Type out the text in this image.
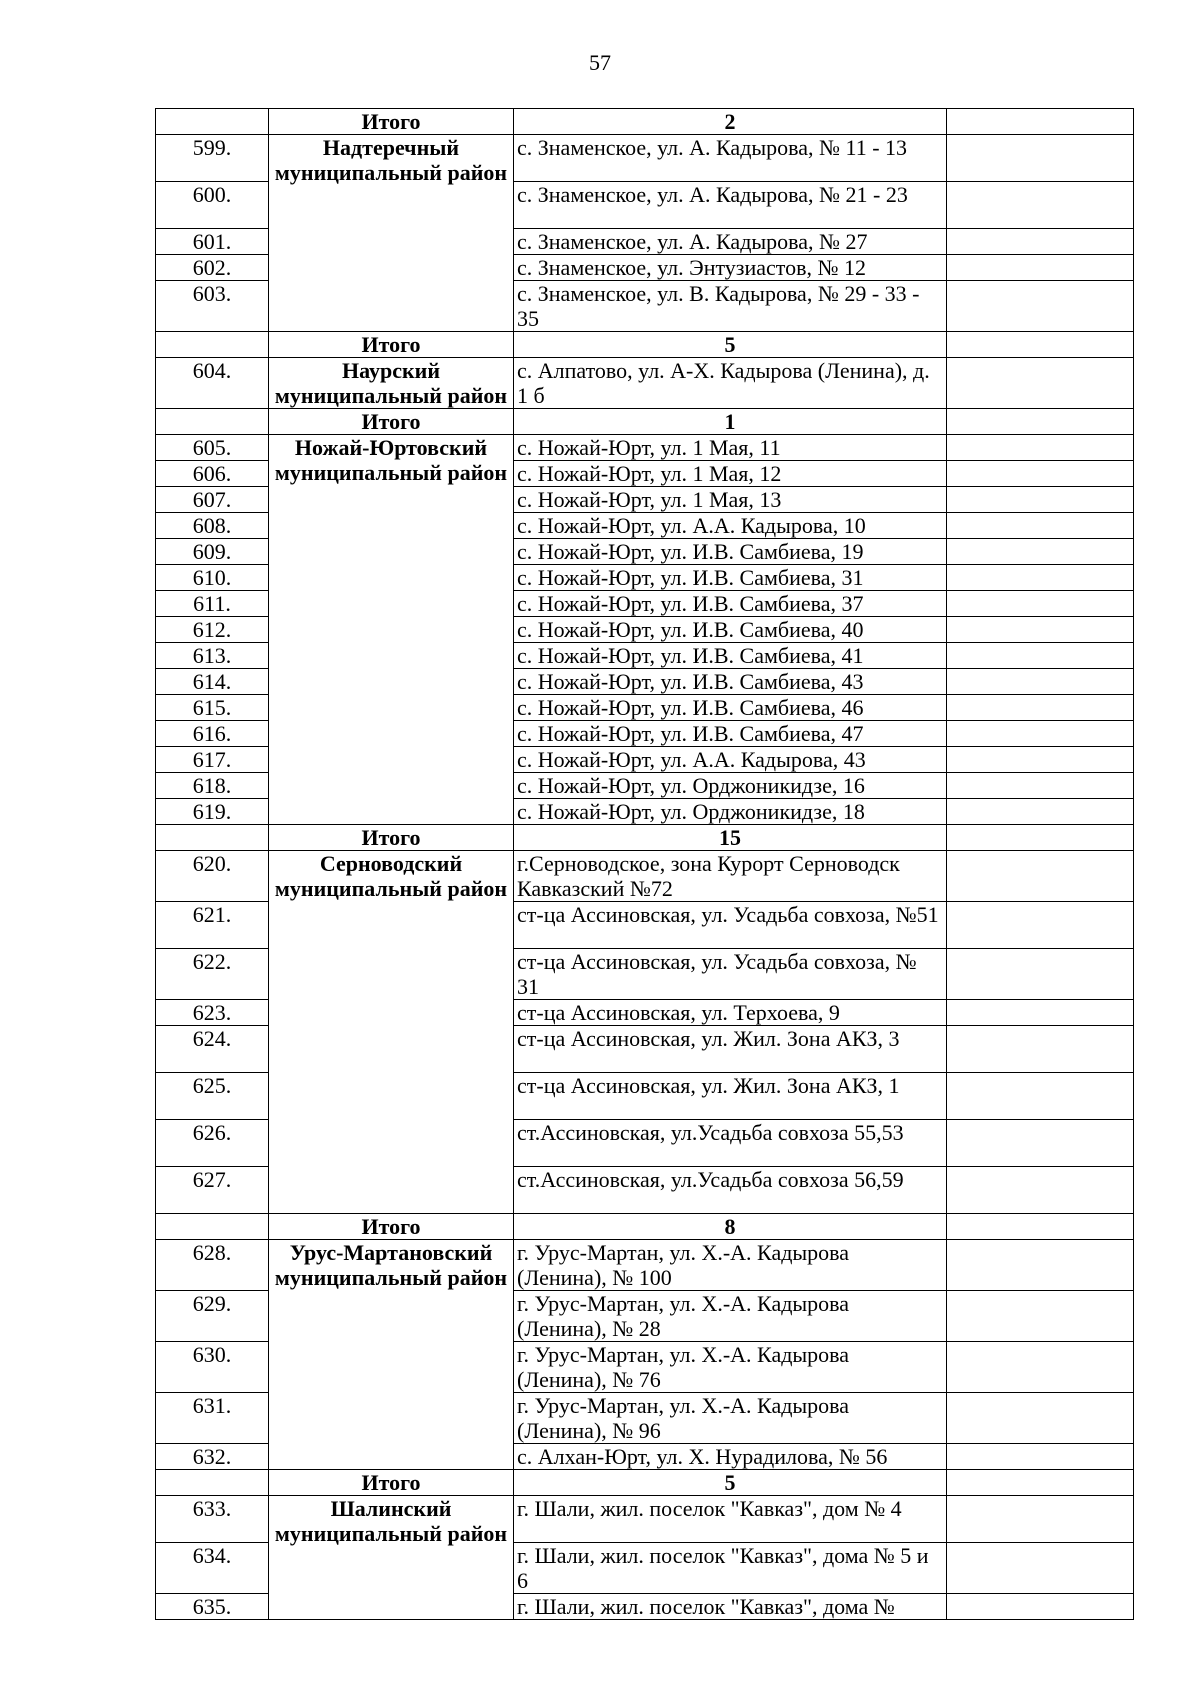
57
	Итого	2	
599.	Надтеречный муниципальный район	с. Знаменское, ул. А. Кадырова, № 11 - 13	
600.		с. Знаменское, ул. А. Кадырова, № 21 - 23	
601.		с. Знаменское, ул. А. Кадырова, № 27	
602.		с. Знаменское, ул. Энтузиастов, № 12	
603.		с. Знаменское, ул. В. Кадырова, № 29 - 33 - 35	
	Итого	5	
604.	Наурский муниципальный район	с. Алпатово, ул. А-Х. Кадырова (Ленина), д. 1 б	
	Итого	1	
605.	Ножай-Юртовский муниципальный район	с. Ножай-Юрт, ул. 1 Мая, 11	
606.		с. Ножай-Юрт, ул. 1 Мая, 12	
607.		с. Ножай-Юрт, ул. 1 Мая, 13	
608.		с. Ножай-Юрт, ул. А.А. Кадырова, 10	
609.		с. Ножай-Юрт, ул. И.В. Самбиева, 19	
610.		с. Ножай-Юрт, ул. И.В. Самбиева, 31	
611.		с. Ножай-Юрт, ул. И.В. Самбиева, 37	
612.		с. Ножай-Юрт, ул. И.В. Самбиева, 40	
613.		с. Ножай-Юрт, ул. И.В. Самбиева, 41	
614.		с. Ножай-Юрт, ул. И.В. Самбиева, 43	
615.		с. Ножай-Юрт, ул. И.В. Самбиева, 46	
616.		с. Ножай-Юрт, ул. И.В. Самбиева, 47	
617.		с. Ножай-Юрт, ул. А.А. Кадырова, 43	
618.		с. Ножай-Юрт, ул. Орджоникидзе, 16	
619.		с. Ножай-Юрт, ул. Орджоникидзе, 18	
	Итого	15	
620.	Серноводский муниципальный район	г.Серноводское, зона Курорт Серноводск Кавказский №72	
621.		ст-ца Ассиновская, ул. Усадьба совхоза, №51	
622.		ст-ца Ассиновская, ул. Усадьба совхоза, № 31	
623.		ст-ца Ассиновская, ул. Терхоева, 9	
624.		ст-ца Ассиновская, ул. Жил. Зона АКЗ, 3	
625.		ст-ца Ассиновская, ул. Жил. Зона АКЗ, 1	
626.		ст.Ассиновская, ул.Усадьба совхоза 55,53	
627.		ст.Ассиновская, ул.Усадьба совхоза 56,59	
	Итого	8	
628.	Урус-Мартановский муниципальный район	г. Урус-Мартан, ул. Х.-А. Кадырова (Ленина), № 100	
629.		г. Урус-Мартан, ул. Х.-А. Кадырова (Ленина), № 28	
630.		г. Урус-Мартан, ул. Х.-А. Кадырова (Ленина), № 76	
631.		г. Урус-Мартан, ул. Х.-А. Кадырова (Ленина), № 96	
632.		с. Алхан-Юрт, ул. Х. Нурадилова, № 56	
	Итого	5	
633.	Шалинский муниципальный район	г. Шали, жил. поселок "Кавказ", дом № 4	
634.		г. Шали, жил. поселок "Кавказ", дома № 5 и 6	
635.		г. Шали, жил. поселок "Кавказ", дома №	
